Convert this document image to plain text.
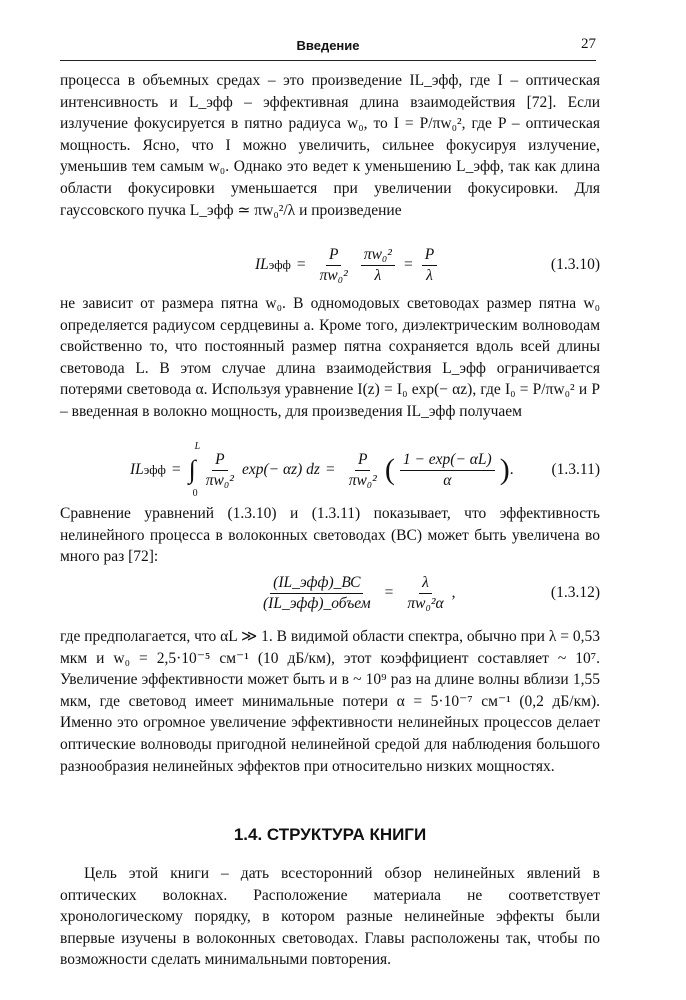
Введение	27
процесса в объемных средах – это произведение IL_эфф, где I – оптическая интенсивность и L_эфф – эффективная длина взаимодействия [72]. Если излучение фокусируется в пятно радиуса w₀, то I = P/πw₀², где P – оптическая мощность. Ясно, что I можно увеличить, сильнее фокусируя излучение, уменьшив тем самым w₀. Однако это ведет к уменьшению L_эфф, так как длина области фокусировки уменьшается при увеличении фокусировки. Для гауссовского пучка L_эфф ≃ πw₀²/λ и произведение
IL эфф = $\frac{P}{\text{πw₀²}} \frac{\text{πw₀²}}{\lambda} = \frac{P}{\lambda}$	(1.3.10)
не зависит от размера пятна w₀. В одномодовых световодах размер пятна w₀ определяется радиусом сердцевины a. Кроме того, диэлектрическим волноводам свойственно то, что постоянный размер пятна сохраняется вдоль всей длины световода L. В этом случае длина взаимодействия L_эфф ограничивается потерями световода α. Используя уравнение I(z) = I₀ exp(− αz), где I₀ = P/πw₀² и P – введенная в волокно мощность, для произведения IL_эфф получаем
IL эфф = ∫
L
0
$\frac{P}{\text{πw₀²}} \exp(- \alpha z)$ dz = $\frac{P}{\text{πw₀²}}$ ( $\frac{1 - \exp(- \alpha L)}{\alpha}$ ) . (1.3.11)
Сравнение уравнений (1.3.10) и (1.3.11) показывает, что эффективность нелинейного процесса в волоконных световодах (ВС) может быть увеличена во много раз [72]:
$\frac{\text{(IL\_эфф)\_ВС}}{\text{(IL\_эфф)\_объем}} = \frac{\lambda}{\text{πw₀²α}}$ ,	(1.3.12)
где предполагается, что αL ≫ 1. В видимой области спектра, обычно при λ = 0,53 мкм и w₀ = 2,5·10⁻⁵ см⁻¹ (10 дБ/км), этот коэффициент составляет ~ 10⁷. Увеличение эффективности может быть и в ~ 10⁹ раз на длине волны вблизи 1,55 мкм, где световод имеет минимальные потери α = 5·10⁻⁷ см⁻¹ (0,2 дБ/км). Именно это огромное увеличение эффективности нелинейных процессов делает оптические волноводы пригодной нелинейной средой для наблюдения большого разнообразия нелинейных эффектов при относительно низких мощностях.
1.4. СТРУКТУРА КНИГИ
Цель этой книги – дать всесторонний обзор нелинейных явлений в оптических волокнах. Расположение материала не соответствует хронологическому порядку, в котором разные нелинейные эффекты были впервые изучены в волоконных световодах. Главы расположены так, чтобы по возможности сделать минимальными повторения.
